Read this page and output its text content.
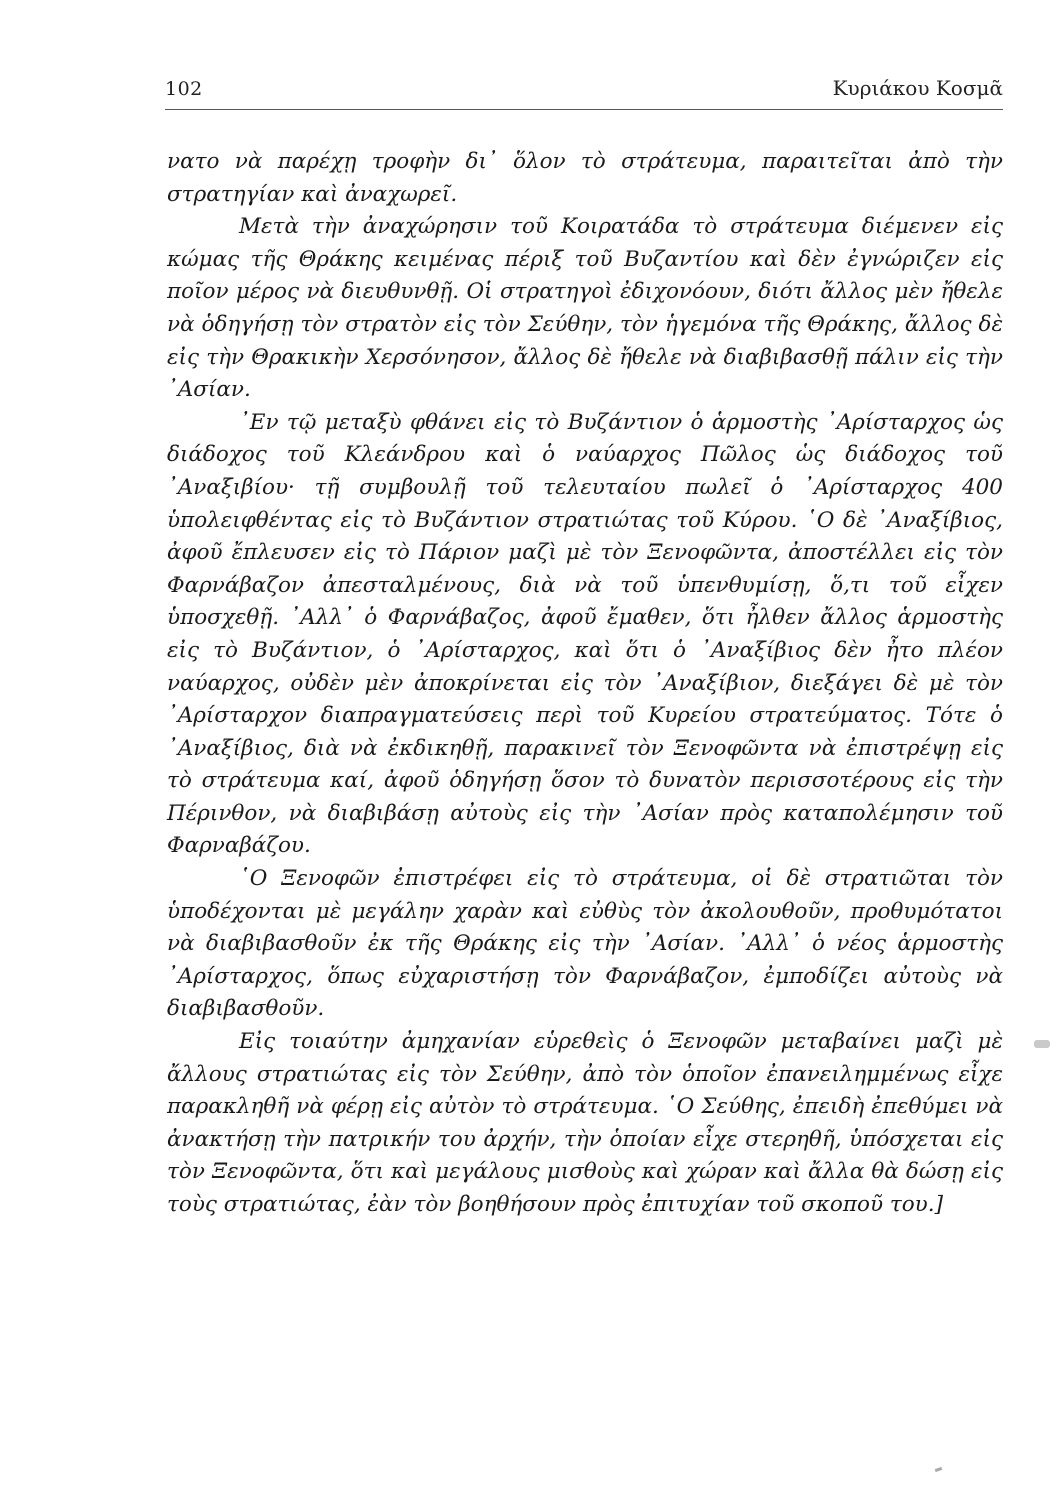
102	Κυριάκου Κοσμᾶ

νατο νὰ παρέχῃ τροφὴν δι᾽ ὅλον τὸ στράτευμα, παραιτεῖται ἀπὸ τὴν στρατηγίαν καὶ ἀναχωρεῖ.

Μετὰ τὴν ἀναχώρησιν τοῦ Κοιρατάδα τὸ στράτευμα διέμενεν εἰς κώμας τῆς Θράκης κειμένας πέριξ τοῦ Βυζαντίου καὶ δὲν ἐγνώριζεν εἰς ποῖον μέρος νὰ διευθυνθῇ. Οἱ στρατηγοὶ ἐδιχονόουν, διότι ἄλλος μὲν ἤθελε νὰ ὁδηγήσῃ τὸν στρατὸν εἰς τὸν Σεύθην, τὸν ἡγεμόνα τῆς Θράκης, ἄλλος δὲ εἰς τὴν Θρακικὴν Χερσόνησον, ἄλλος δὲ ἤθελε νὰ διαβιβασθῇ πάλιν εἰς τὴν ᾿Ασίαν.

᾿Εν τῷ μεταξὺ φθάνει εἰς τὸ Βυζάντιον ὁ ἁρμοστὴς ᾿Αρίσταρχος ὡς διάδοχος τοῦ Κλεάνδρου καὶ ὁ ναύαρχος Πῶλος ὡς διάδοχος τοῦ ᾿Αναξιβίου· τῇ συμβουλῇ τοῦ τελευταίου πωλεῖ ὁ ᾿Αρίσταρχος 400 ὑπολειφθέντας εἰς τὸ Βυζάντιον στρατιώτας τοῦ Κύρου. ῾Ο δὲ ᾿Αναξίβιος, ἀφοῦ ἔπλευσεν εἰς τὸ Πάριον μαζὶ μὲ τὸν Ξενοφῶντα, ἀποστέλλει εἰς τὸν Φαρνάβαζον ἀπεσταλμένους, διὰ νὰ τοῦ ὑπενθυμίσῃ, ὅ,τι τοῦ εἶχεν ὑποσχεθῇ. ᾿Αλλ᾿ ὁ Φαρνάβαζος, ἀφοῦ ἔμαθεν, ὅτι ἦλθεν ἄλλος ἁρμοστὴς εἰς τὸ Βυζάντιον, ὁ ᾿Αρίσταρχος, καὶ ὅτι ὁ ᾿Αναξίβιος δὲν ἦτο πλέον ναύαρχος, οὐδὲν μὲν ἀποκρίνεται εἰς τὸν ᾿Αναξίβιον, διεξάγει δὲ μὲ τὸν ᾿Αρίσταρχον διαπραγματεύσεις περὶ τοῦ Κυρείου στρατεύματος. Τότε ὁ ᾿Αναξίβιος, διὰ νὰ ἐκδικηθῇ, παρακινεῖ τὸν Ξενοφῶντα νὰ ἐπιστρέψῃ εἰς τὸ στράτευμα καί, ἀφοῦ ὁδηγήσῃ ὅσον τὸ δυνατὸν περισσοτέρους εἰς τὴν Πέρινθον, νὰ διαβιβάσῃ αὐτοὺς εἰς τὴν ᾿Ασίαν πρὸς καταπολέμησιν τοῦ Φαρναβάζου.

῾Ο Ξενοφῶν ἐπιστρέφει εἰς τὸ στράτευμα, οἱ δὲ στρατιῶται τὸν ὑποδέχονται μὲ μεγάλην χαρὰν καὶ εὐθὺς τὸν ἀκολουθοῦν, προθυμότατοι νὰ διαβιβασθοῦν ἐκ τῆς Θράκης εἰς τὴν ᾿Ασίαν. ᾿Αλλ᾿ ὁ νέος ἁρμοστὴς ᾿Αρίσταρχος, ὅπως εὐχαριστήσῃ τὸν Φαρνάβαζον, ἐμποδίζει αὐτοὺς νὰ διαβιβασθοῦν.

Εἰς τοιαύτην ἀμηχανίαν εὑρεθεὶς ὁ Ξενοφῶν μεταβαίνει μαζὶ μὲ ἄλλους στρατιώτας εἰς τὸν Σεύθην, ἀπὸ τὸν ὁποῖον ἐπανειλημμένως εἶχε παρακληθῆ νὰ φέρῃ εἰς αὐτὸν τὸ στράτευμα. ῾Ο Σεύθης, ἐπειδὴ ἐπεθύμει νὰ ἀνακτήσῃ τὴν πατρικήν του ἀρχήν, τὴν ὁποίαν εἶχε στερηθῆ, ὑπόσχεται εἰς τὸν Ξενοφῶντα, ὅτι καὶ μεγάλους μισθοὺς καὶ χώραν καὶ ἄλλα θὰ δώσῃ εἰς τοὺς στρατιώτας, ἐὰν τὸν βοηθήσουν πρὸς ἐπιτυχίαν τοῦ σκοποῦ του.]
